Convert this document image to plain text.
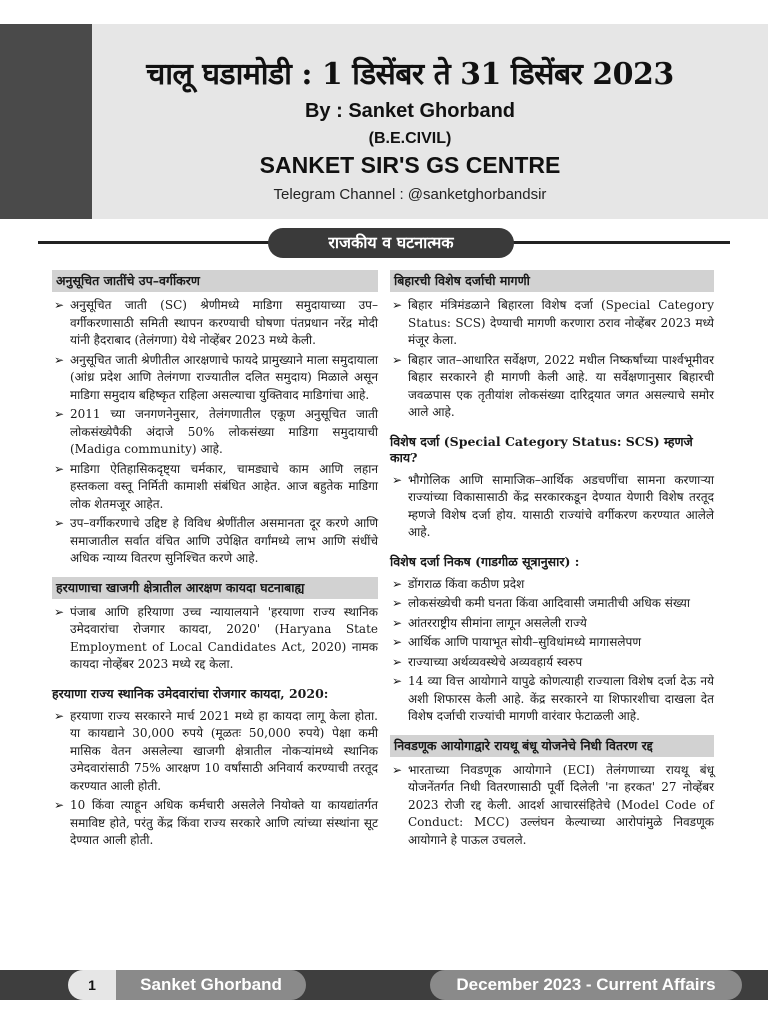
चालू घडामोडी : 1 डिसेंबर ते 31 डिसेंबर 2023
By : Sanket Ghorband
(B.E.CIVIL)
SANKET SIR'S GS CENTRE
Telegram Channel : @sanketghorbandsir
राजकीय व घटनात्मक
अनुसूचित जातींचे उप–वर्गीकरण
➢ अनुसूचित जाती (SC) श्रेणीमध्ये माडिगा समुदायाच्या उप–वर्गीकरणासाठी समिती स्थापन करण्याची घोषणा पंतप्रधान नरेंद्र मोदी यांनी हैदराबाद (तेलंगणा) येथे नोव्हेंबर 2023 मध्ये केली.
➢ अनुसूचित जाती श्रेणीतील आरक्षणाचे फायदे प्रामुख्याने माला समुदायाला (आंध्र प्रदेश आणि तेलंगणा राज्यातील दलित समुदाय) मिळाले असून माडिगा समुदाय बहिष्कृत राहिला असल्याचा युक्तिवाद माडिगांचा आहे.
➢ 2011 च्या जनगणनेनुसार, तेलंगणातील एकूण अनुसूचित जाती लोकसंख्येपैकी अंदाजे 50% लोकसंख्या माडिगा समुदायाची (Madiga community) आहे.
➢ माडिगा ऐतिहासिकदृष्ट्या चर्मकार, चामड्याचे काम आणि लहान हस्तकला वस्तू निर्मिती कामाशी संबंधित आहेत. आज बहुतेक माडिगा लोक शेतमजूर आहेत.
➢ उप–वर्गीकरणाचे उद्दिष्ट हे विविध श्रेणींतील असमानता दूर करणे आणि समाजातील सर्वात वंचित आणि उपेक्षित वर्गांमध्ये लाभ आणि संधींचे अधिक न्याय्य वितरण सुनिश्चित करणे आहे.
हरयाणाचा खाजगी क्षेत्रातील आरक्षण कायदा घटनाबाह्य
➢ पंजाब आणि हरियाणा उच्च न्यायालयाने 'हरयाणा राज्य स्थानिक उमेदवारांचा रोजगार कायदा, 2020' (Haryana State Employment of Local Candidates Act, 2020) नामक कायदा नोव्हेंबर 2023 मध्ये रद्द केला.
हरयाणा राज्य स्थानिक उमेदवारांचा रोजगार कायदा, 2020:
➢ हरयाणा राज्य सरकारने मार्च 2021 मध्ये हा कायदा लागू केला होता. या कायद्याने 30,000 रुपये (मूळतः 50,000 रुपये) पेक्षा कमी मासिक वेतन असलेल्या खाजगी क्षेत्रातील नोकऱ्यांमध्ये स्थानिक उमेदवारांसाठी 75% आरक्षण 10 वर्षांसाठी अनिवार्य करण्याची तरतूद करण्यात आली होती.
➢ 10 किंवा त्याहून अधिक कर्मचारी असलेले नियोक्ते या कायद्यांतर्गत समाविष्ट होते, परंतु केंद्र किंवा राज्य सरकारे आणि त्यांच्या संस्थांना सूट देण्यात आली होती.
बिहारची विशेष दर्जाची मागणी
➢ बिहार मंत्रिमंडळाने बिहारला विशेष दर्जा (Special Category Status: SCS) देण्याची मागणी करणारा ठराव नोव्हेंबर 2023 मध्ये मंजूर केला.
➢ बिहार जात–आधारित सर्वेक्षण, 2022 मधील निष्कर्षांच्या पार्श्वभूमीवर बिहार सरकारने ही मागणी केली आहे. या सर्वेक्षणानुसार बिहारची जवळपास एक तृतीयांश लोकसंख्या दारिद्र्यात जगत असल्याचे समोर आले आहे.
विशेष दर्जा (Special Category Status: SCS) म्हणजे काय?
➢ भौगोलिक आणि सामाजिक–आर्थिक अडचणींचा सामना करणाऱ्या राज्यांच्या विकासासाठी केंद्र सरकारकडून देण्यात येणारी विशेष तरतूद म्हणजे विशेष दर्जा होय. यासाठी राज्यांचे वर्गीकरण करण्यात आलेले आहे.
विशेष दर्जा निकष (गाडगीळ सूत्रानुसार) :
➢ डोंगराळ किंवा कठीण प्रदेश
➢ लोकसंख्येची कमी घनता किंवा आदिवासी जमातीची अधिक संख्या
➢ आंतरराष्ट्रीय सीमांना लागून असलेली राज्ये
➢ आर्थिक आणि पायाभूत सोयी–सुविधांमध्ये मागासलेपण
➢ राज्याच्या अर्थव्यवस्थेचे अव्यवहार्य स्वरुप
➢ 14 व्या वित्त आयोगाने यापुढे कोणत्याही राज्याला विशेष दर्जा देऊ नये अशी शिफारस केली आहे. केंद्र सरकारने या शिफारशीचा दाखला देत विशेष दर्जाची राज्यांची मागणी वारंवार फेटाळली आहे.
निवडणूक आयोगाद्वारे रायथू बंधू योजनेचे निधी वितरण रद्द
➢ भारताच्या निवडणूक आयोगाने (ECI) तेलंगणाच्या रायथू बंधू योजनेंतर्गत निधी वितरणासाठी पूर्वी दिलेली 'ना हरकत' 27 नोव्हेंबर 2023 रोजी रद्द केली. आदर्श आचारसंहितेचे (Model Code of Conduct: MCC) उल्लंघन केल्याच्या आरोपांमुळे निवडणूक आयोगाने हे पाऊल उचलले.
1	Sanket Ghorband	December 2023 - Current Affairs
